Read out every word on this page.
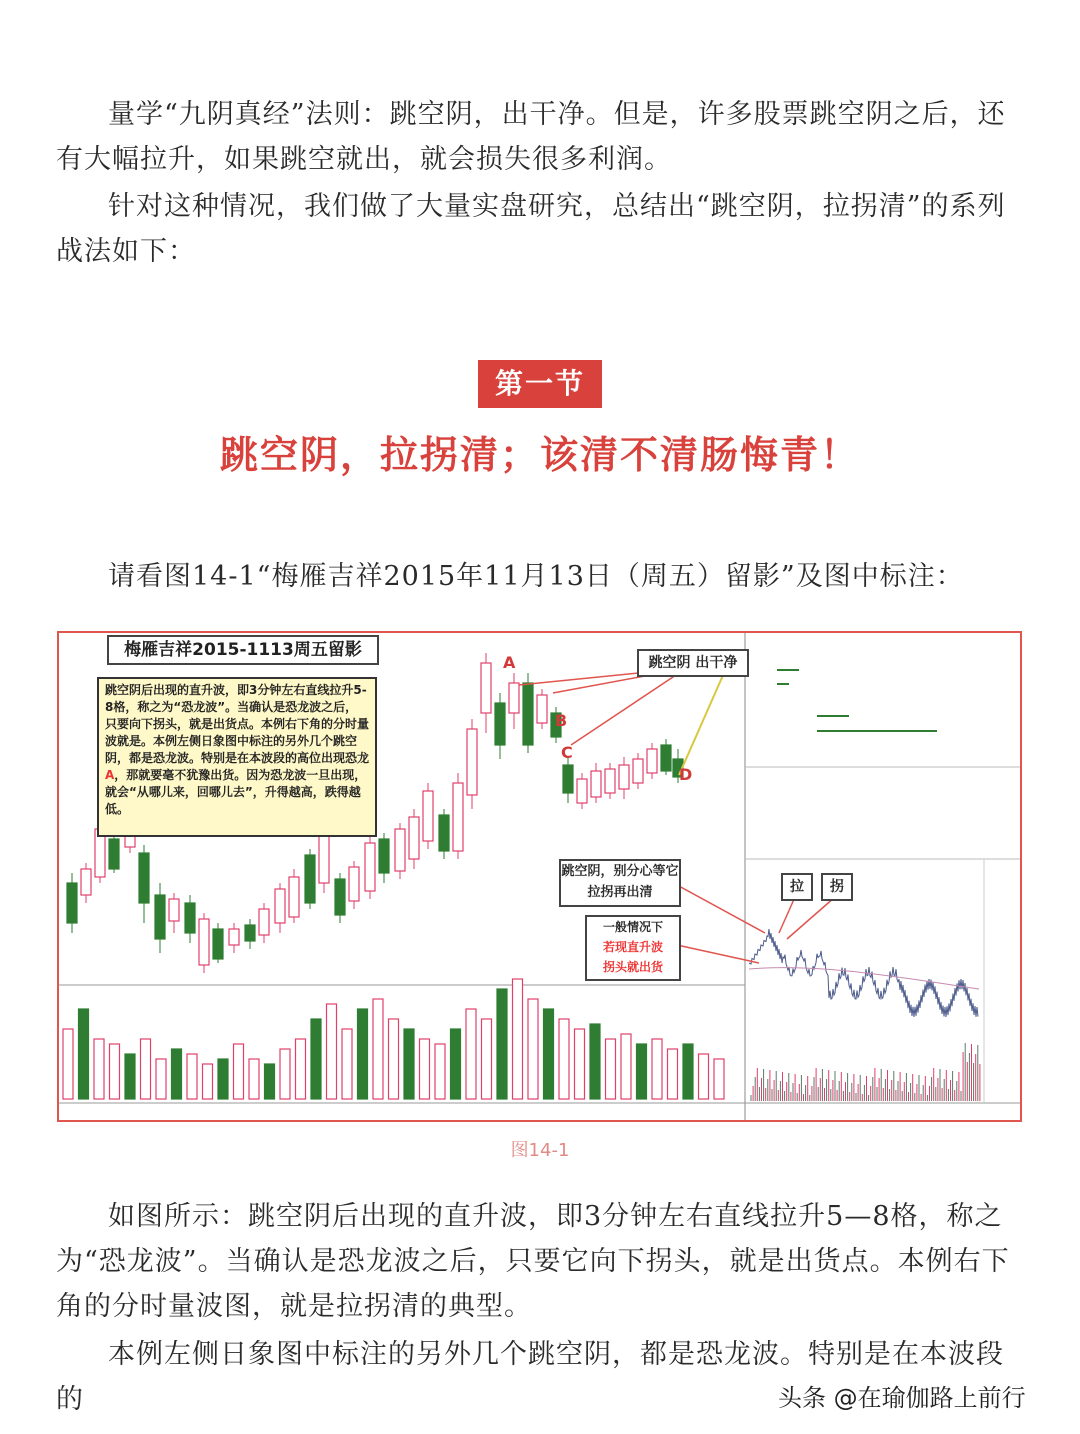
量学“九阴真经”法则：跳空阴，出干净。但是，许多股票跳空阴之后，还有大幅拉升，如果跳空就出，就会损失很多利润。
针对这种情况，我们做了大量实盘研究，总结出“跳空阴，拉拐清”的系列战法如下：
第一节
跳空阴，拉拐清；该清不清肠悔青！
请看图14-1“梅雁吉祥2015年11月13日（周五）留影”及图中标注：
梅雁吉祥2015-1113周五留影
跳空阴后出现的直升波，即3分钟左右直线拉升5-8格，称之为“恐龙波”。当确认是恐龙波之后，只要向下拐头，就是出货点。本例右下角的分时量波就是。本例左侧日象图中标注的另外几个跳空阴，都是恐龙波。特别是在本波段的高位出现恐龙A，那就要毫不犹豫出货。因为恐龙波一旦出现，就会“从哪儿来，回哪儿去”，升得越高，跌得越低。
跳空阴 出干净
A
B
C
D
跳空阴，别分心等它拉拐再出清	拉	拐
一般情况下
若现直升波
拐头就出货
图14-1
如图所示：跳空阴后出现的直升波，即3分钟左右直线拉升5—8格，称之为“恐龙波”。当确认是恐龙波之后，只要它向下拐头，就是出货点。本例右下角的分时量波图，就是拉拐清的典型。
本例左侧日象图中标注的另外几个跳空阴，都是恐龙波。特别是在本波段的	头条 @在瑜伽路上前行
